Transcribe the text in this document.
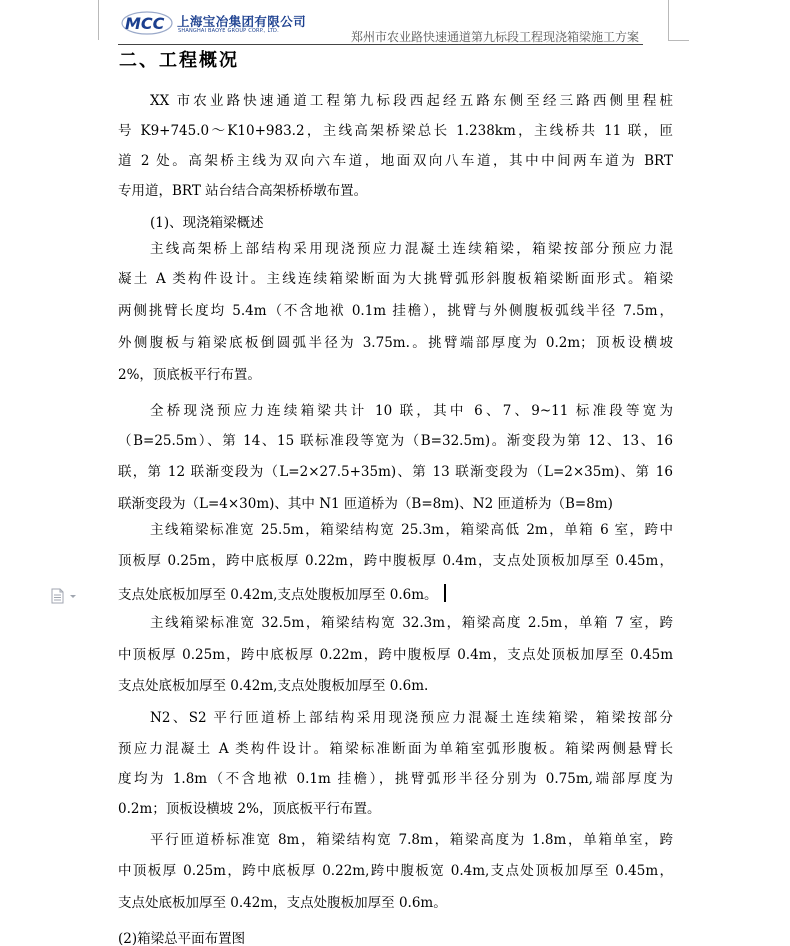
MCC 上海宝冶集团有限公司
SHANGHAI BAOYE GROUP CORP., LTD.	郑州市农业路快速通道第九标段工程现浇箱梁施工方案
二、工程概况
XX 市农业路快速通道工程第九标段西起经五路东侧至经三路西侧里程桩
号 K9+745.0～K10+983.2，主线高架桥梁总长 1.238km，主线桥共 11 联，匝
道 2 处。高架桥主线为双向六车道，地面双向八车道，其中中间两车道为 BRT
专用道，BRT 站台结合高架桥桥墩布置。
(1)、现浇箱梁概述
主线高架桥上部结构采用现浇预应力混凝土连续箱梁，箱梁按部分预应力混
凝土 A 类构件设计。主线连续箱梁断面为大挑臂弧形斜腹板箱梁断面形式。箱梁
两侧挑臂长度均 5.4m（不含地袱 0.1m 挂檐），挑臂与外侧腹板弧线半径 7.5m，
外侧腹板与箱梁底板倒圆弧半径为 3.75m.。挑臂端部厚度为 0.2m；顶板设横坡
2%，顶底板平行布置。
全桥现浇预应力连续箱梁共计 10 联，其中 6、7、9~11 标准段等宽为
（B=25.5m）、第 14、15 联标准段等宽为（B=32.5m)。渐变段为第 12、13、16
联，第 12 联渐变段为（L=2×27.5+35m)、第 13 联渐变段为（L=2×35m)、第 16
联渐变段为（L=4×30m)、其中 N1 匝道桥为（B=8m)、N2 匝道桥为（B=8m)
主线箱梁标准宽 25.5m，箱梁结构宽 25.3m，箱梁高低 2m，单箱 6 室，跨中
顶板厚 0.25m，跨中底板厚 0.22m，跨中腹板厚 0.4m，支点处顶板加厚至 0.45m，
支点处底板加厚至 0.42m,支点处腹板加厚至 0.6m。
主线箱梁标准宽 32.5m，箱梁结构宽 32.3m，箱梁高度 2.5m，单箱 7 室，跨
中顶板厚 0.25m，跨中底板厚 0.22m，跨中腹板厚 0.4m，支点处顶板加厚至 0.45m
支点处底板加厚至 0.42m,支点处腹板加厚至 0.6m.
N2、S2 平行匝道桥上部结构采用现浇预应力混凝土连续箱梁，箱梁按部分
预应力混凝土 A 类构件设计。箱梁标准断面为单箱室弧形腹板。箱梁两侧悬臂长
度均为 1.8m（不含地袱 0.1m 挂檐），挑臂弧形半径分别为 0.75m,端部厚度为
0.2m；顶板设横坡 2%，顶底板平行布置。
平行匝道桥标准宽 8m，箱梁结构宽 7.8m，箱梁高度为 1.8m，单箱单室，跨
中顶板厚 0.25m，跨中底板厚 0.22m,跨中腹板宽 0.4m,支点处顶板加厚至 0.45m，
支点处底板加厚至 0.42m，支点处腹板加厚至 0.6m。
(2)箱梁总平面布置图
